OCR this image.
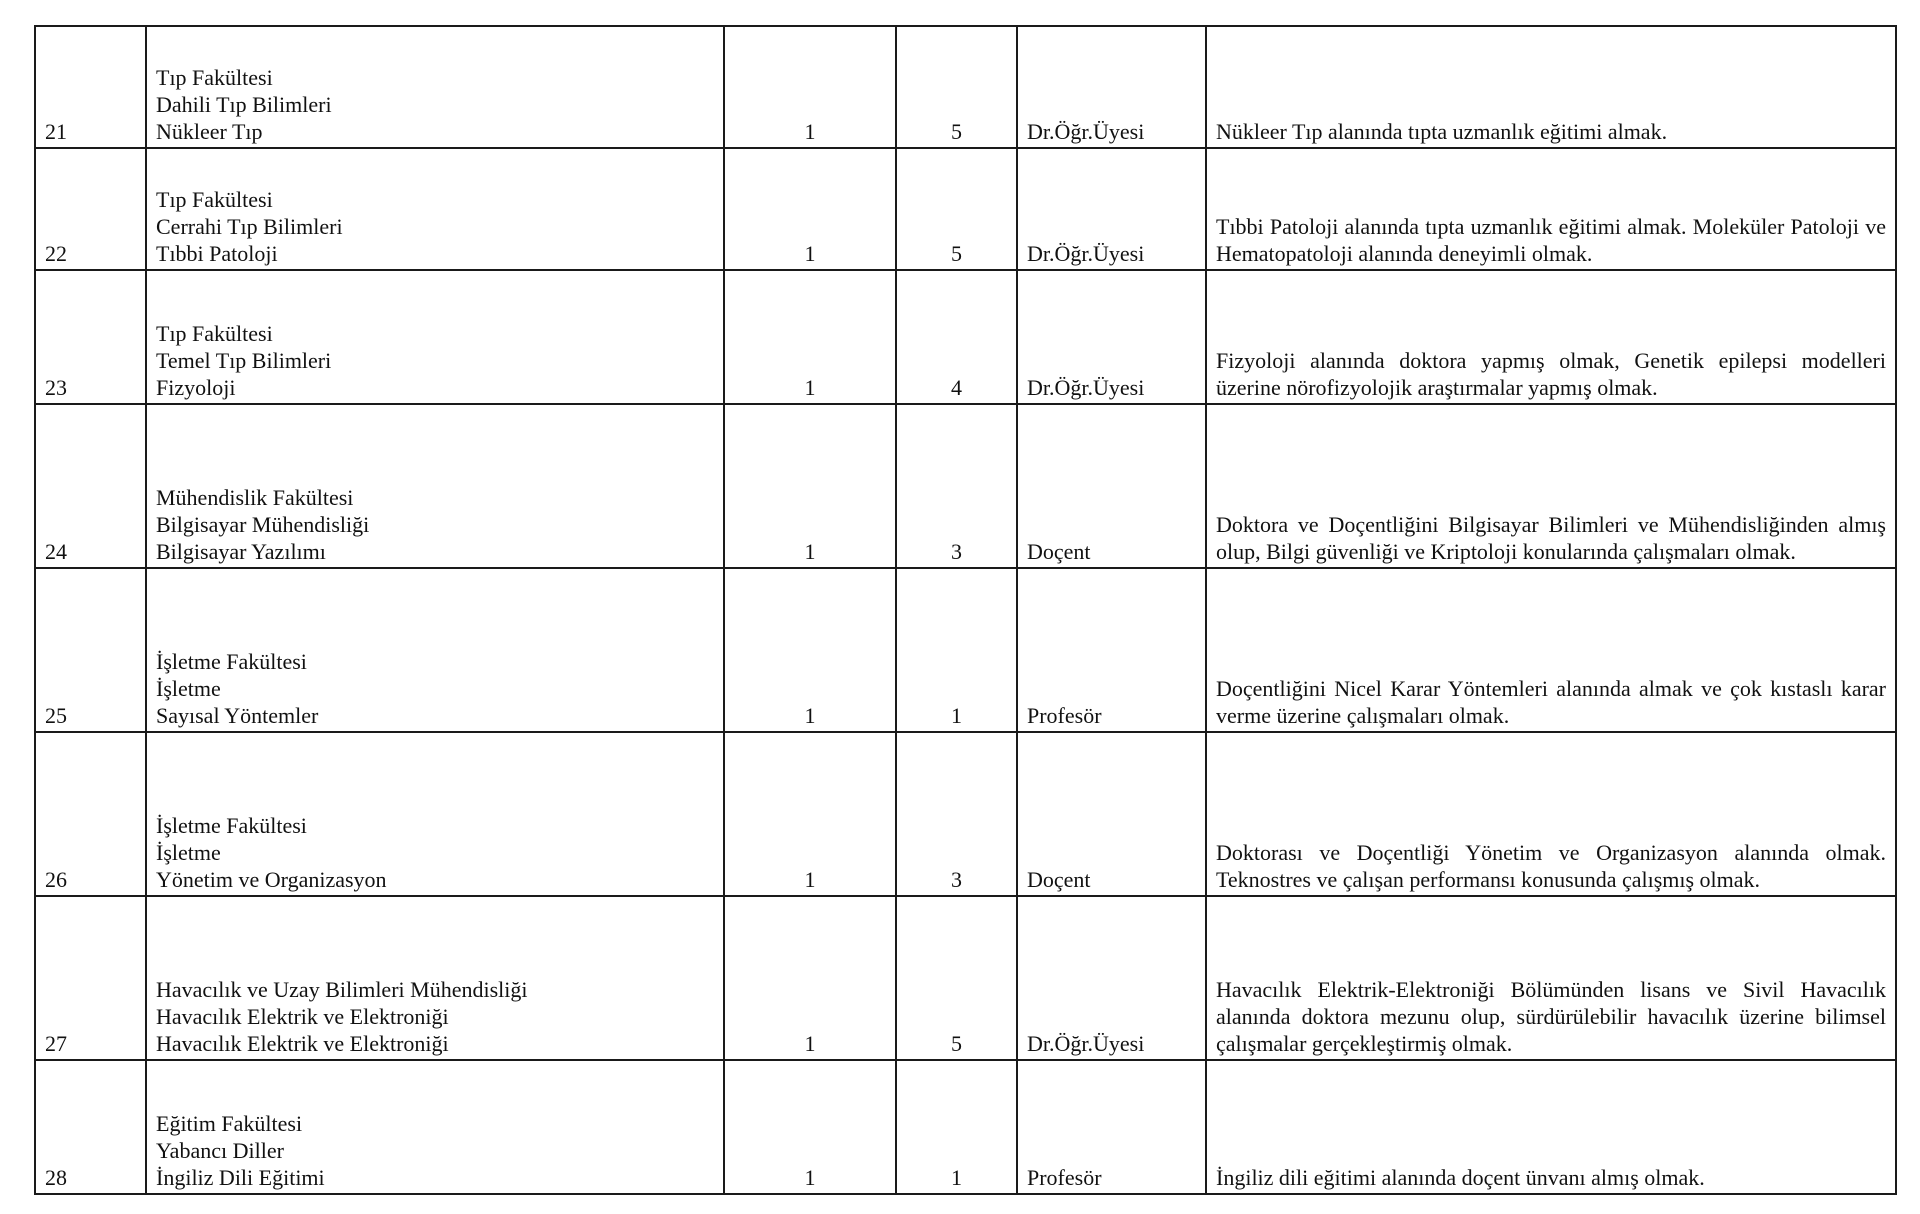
21	Tıp Fakültesi
Dahili Tıp Bilimleri
Nükleer Tıp	1	5	Dr.Öğr.Üyesi	Nükleer Tıp alanında tıpta uzmanlık eğitimi almak.
22	Tıp Fakültesi
Cerrahi Tıp Bilimleri
Tıbbi Patoloji	1	5	Dr.Öğr.Üyesi	Tıbbi Patoloji alanında tıpta uzmanlık eğitimi almak. Moleküler Patoloji ve Hematopatoloji alanında deneyimli olmak.
23	Tıp Fakültesi
Temel Tıp Bilimleri
Fizyoloji	1	4	Dr.Öğr.Üyesi	Fizyoloji alanında doktora yapmış olmak, Genetik epilepsi modelleri üzerine nörofizyolojik araştırmalar yapmış olmak.
24	Mühendislik Fakültesi
Bilgisayar Mühendisliği
Bilgisayar Yazılımı	1	3	Doçent	Doktora ve Doçentliğini Bilgisayar Bilimleri ve Mühendisliğinden almış olup, Bilgi güvenliği ve Kriptoloji konularında çalışmaları olmak.
25	İşletme Fakültesi
İşletme
Sayısal Yöntemler	1	1	Profesör	Doçentliğini Nicel Karar Yöntemleri alanında almak ve çok kıstaslı karar verme üzerine çalışmaları olmak.
26	İşletme Fakültesi
İşletme
Yönetim ve Organizasyon	1	3	Doçent	Doktorası ve Doçentliği Yönetim ve Organizasyon alanında olmak. Teknostres ve çalışan performansı konusunda çalışmış olmak.
27	Havacılık ve Uzay Bilimleri Mühendisliği
Havacılık Elektrik ve Elektroniği
Havacılık Elektrik ve Elektroniği	1	5	Dr.Öğr.Üyesi	Havacılık Elektrik-Elektroniği Bölümünden lisans ve Sivil Havacılık alanında doktora mezunu olup, sürdürülebilir havacılık üzerine bilimsel çalışmalar gerçekleştirmiş olmak.
28	Eğitim Fakültesi
Yabancı Diller
İngiliz Dili Eğitimi	1	1	Profesör	İngiliz dili eğitimi alanında doçent ünvanı almış olmak.
